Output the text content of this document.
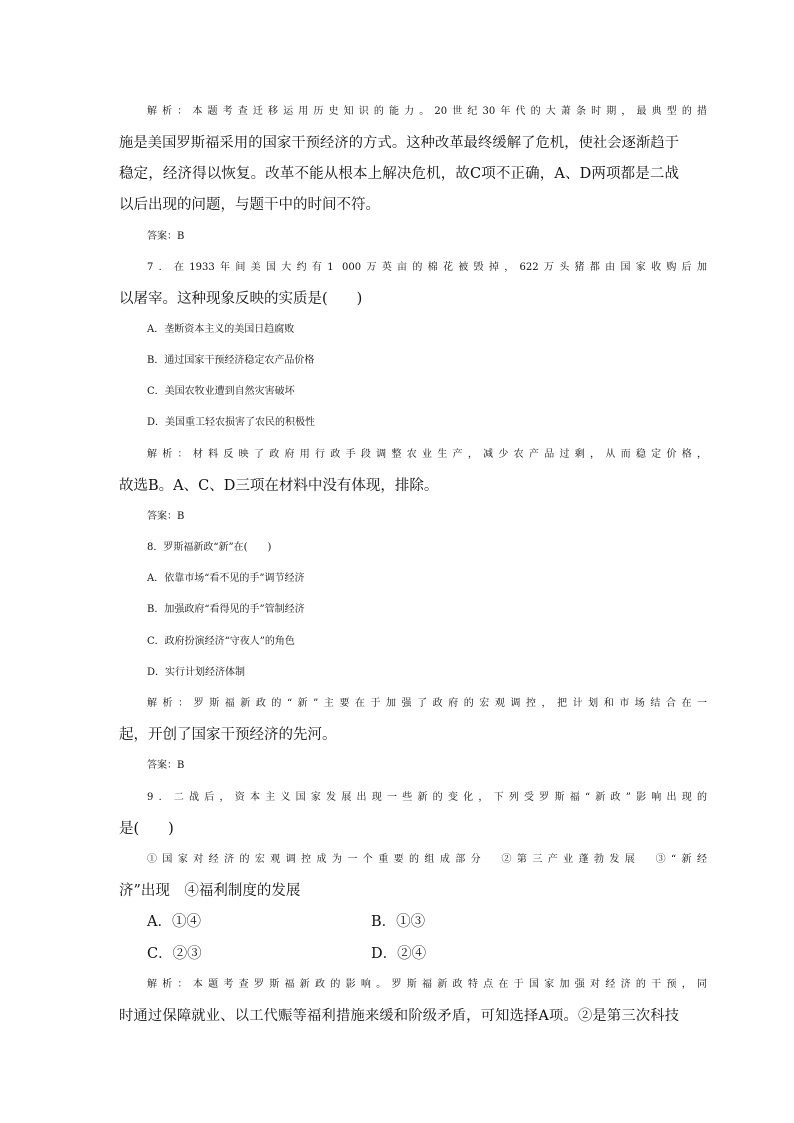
解析：本题考查迁移运用历史知识的能力。20世纪30年代的大萧条时期，最典型的措
施是美国罗斯福采用的国家干预经济的方式。这种改革最终缓解了危机，使社会逐渐趋于
稳定，经济得以恢复。改革不能从根本上解决危机，故C项不正确，A、D两项都是二战
以后出现的问题，与题干中的时间不符。
答案：B
7．在1933年间美国大约有1 000万英亩的棉花被毁掉，622万头猪都由国家收购后加
以屠宰。这种现象反映的实质是(　　)
A．垄断资本主义的美国日趋腐败
B．通过国家干预经济稳定农产品价格
C．美国农牧业遭到自然灾害破坏
D．美国重工轻农损害了农民的积极性
解析：材料反映了政府用行政手段调整农业生产，减少农产品过剩，从而稳定价格，
故选B。A、C、D三项在材料中没有体现，排除。
答案：B
8．罗斯福新政“新”在(　　)
A．依靠市场“看不见的手”调节经济
B．加强政府“看得见的手”管制经济
C．政府扮演经济“守夜人”的角色
D．实行计划经济体制
解析：罗斯福新政的“新”主要在于加强了政府的宏观调控，把计划和市场结合在一
起，开创了国家干预经济的先河。
答案：B
9．二战后，资本主义国家发展出现一些新的变化，下列受罗斯福“新政”影响出现的
是(　　)
①国家对经济的宏观调控成为一个重要的组成部分　②第三产业蓬勃发展　③“新经
济”出现　④福利制度的发展
A．①④	B．①③
C．②③	D．②④
解析：本题考查罗斯福新政的影响。罗斯福新政特点在于国家加强对经济的干预，同
时通过保障就业、以工代赈等福利措施来缓和阶级矛盾，可知选择A项。②是第三次科技
